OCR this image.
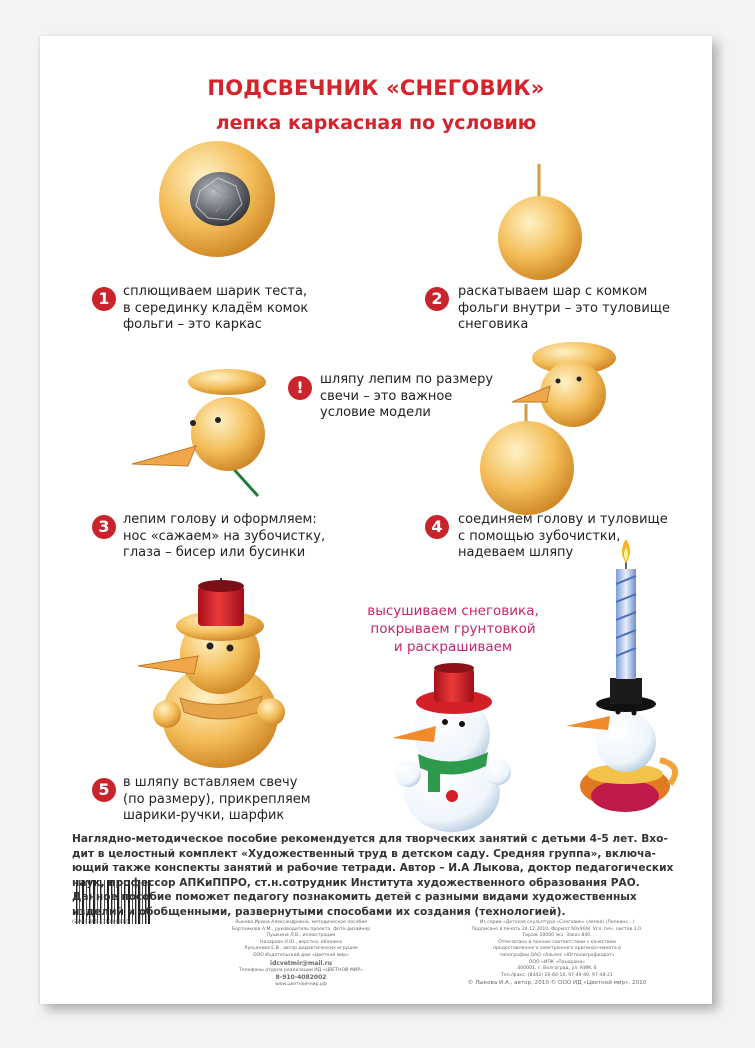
ПОДСВЕЧНИК «СНЕГОВИК»
лепка каркасная по условию
1	сплющиваем шарик теста,
в серединку кладём комок
фольги – это каркас
2	раскатываем шар с комком
фольги внутри – это туловище
снеговика
!	шляпу лепим по размеру
свечи – это важное
условие модели
3	лепим голову и оформляем:
нос «сажаем» на зубочистку,
глаза – бисер или бусинки
4	соединяем голову и туловище
с помощью зубочистки,
надеваем шляпу
высушиваем снеговика,
покрываем грунтовкой
и раскрашиваем
5	в шляпу вставляем свечу
(по размеру), прикрепляем
шарики-ручки, шарфик
Наглядно-методическое пособие рекомендуется для творческих занятий с детьми 4-5 лет. Вхо-
дит в целостный комплект «Художественный труд в детском саду. Средняя группа», включа-
ющий также конспекты занятий и рабочие тетради. Автор – И.А Лыкова, доктор педагогических
наук, профессор АПКиППРО, ст.н.сотрудник Института художественного образования РАО.
Данное пособие поможет педагогу познакомить детей с разными видами художественных
изделий и обобщенными, развернутыми способами их создания (технологией).
ISBN 978-5-4310-0003-5	Лыкова Ирина Александровна, методическое пособие
Бортникова А.М., руководитель проекта, фото-дизайнер
Пушкина Л.В., иллюстрации
Назарова Н.Ю., верстка, обложка
Лукьянова Е.В., автор дидактических игрушек
ООО Издательский дом «Цветной мир»
idcvetmir@mail.ru
Телефоны отдела реализации ИД «ЦВЕТНОЙ МИР»
8-910-4082002
www.цветной-мир.рф
Из серии «Детская скульптура «Снеговик» (лепка) (Лепкинс...)
Подписано в печать 24.12.2010. Формат 60х90/8. Усл. печ. листов 1,0.
Тираж 10000 экз. Заказ 840.
Отпечатано в полном соответствии с качеством
предоставленного электронного оригинал-макета в
типографии ОАО «Альянс «Югполиграфиздат»
ООО «ИПК «Панорама»
400001, г. Волгоград, ул. КИМ, 6
Тел./факс: (8442) 26-60-10, 97-49-40, 97-48-21
© Лыкова И.А., автор, 2010 © ООО ИД «Цветной мир», 2010
